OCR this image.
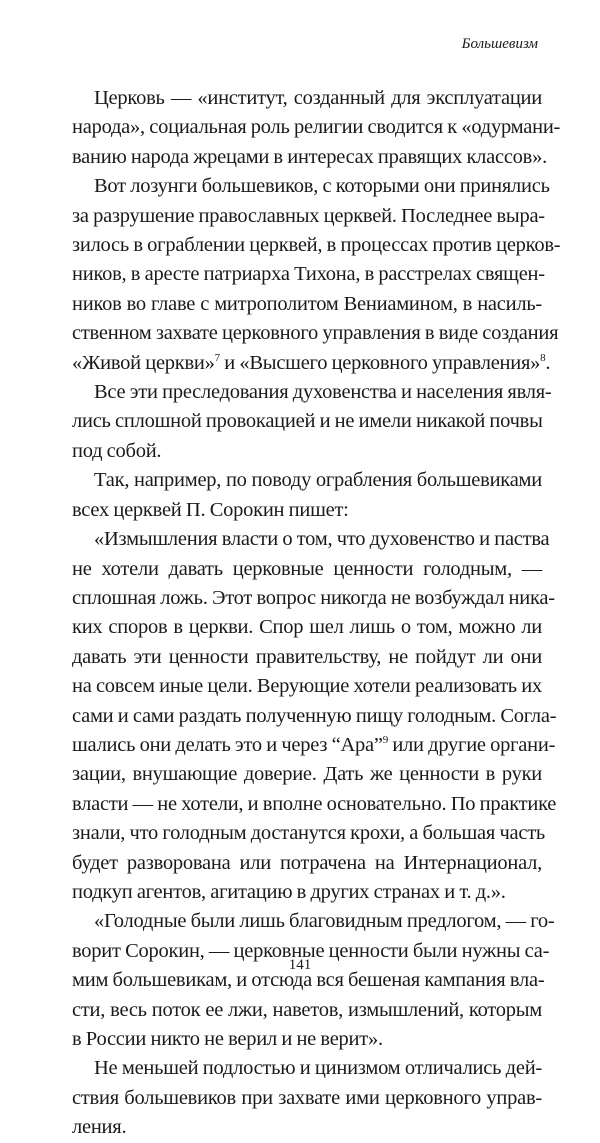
Большевизм

Церковь — «институт, созданный для эксплуатации
народа», социальная роль религии сводится к «одурмани-
ванию народа жрецами в интересах правящих классов».

Вот лозунги большевиков, с которыми они принялись
за разрушение православных церквей. Последнее выра-
зилось в ограблении церквей, в процессах против церков-
ников, в аресте патриарха Тихона, в расстрелах священ-
ников во главе с митрополитом Вениамином, в насиль-
ственном захвате церковного управления в виде создания
«Живой церкви»$^7$ и «Высшего церковного управления»$^8$.

Все эти преследования духовенства и населения явля-
лись сплошной провокацией и не имели никакой почвы
под собой.

Так, например, по поводу ограбления большевиками
всех церквей П. Сорокин пишет:

«Измышления власти о том, что духовенство и паства
не хотели давать церковные ценности голодным, —
сплошная ложь. Этот вопрос никогда не возбуждал ника-
ких споров в церкви. Спор шел лишь о том, можно ли
давать эти ценности правительству, не пойдут ли они
на совсем иные цели. Верующие хотели реализовать их
сами и сами раздать полученную пищу голодным. Согла-
шались они делать это и через “Ара”$^9$ или другие органи-
зации, внушающие доверие. Дать же ценности в руки
власти — не хотели, и вполне основательно. По практике
знали, что голодным достанутся крохи, а большая часть
будет разворована или потрачена на Интернационал,
подкуп агентов, агитацию в других странах и т. д.».

«Голодные были лишь благовидным предлогом, — го-
ворит Сорокин, — церковные ценности были нужны са-
мим большевикам, и отсюда вся бешеная кампания вла-
сти, весь поток ее лжи, наветов, измышлений, которым
в России никто не верил и не верит».

Не меньшей подлостью и цинизмом отличались дей-
ствия большевиков при захвате ими церковного управ-
ления.

141
